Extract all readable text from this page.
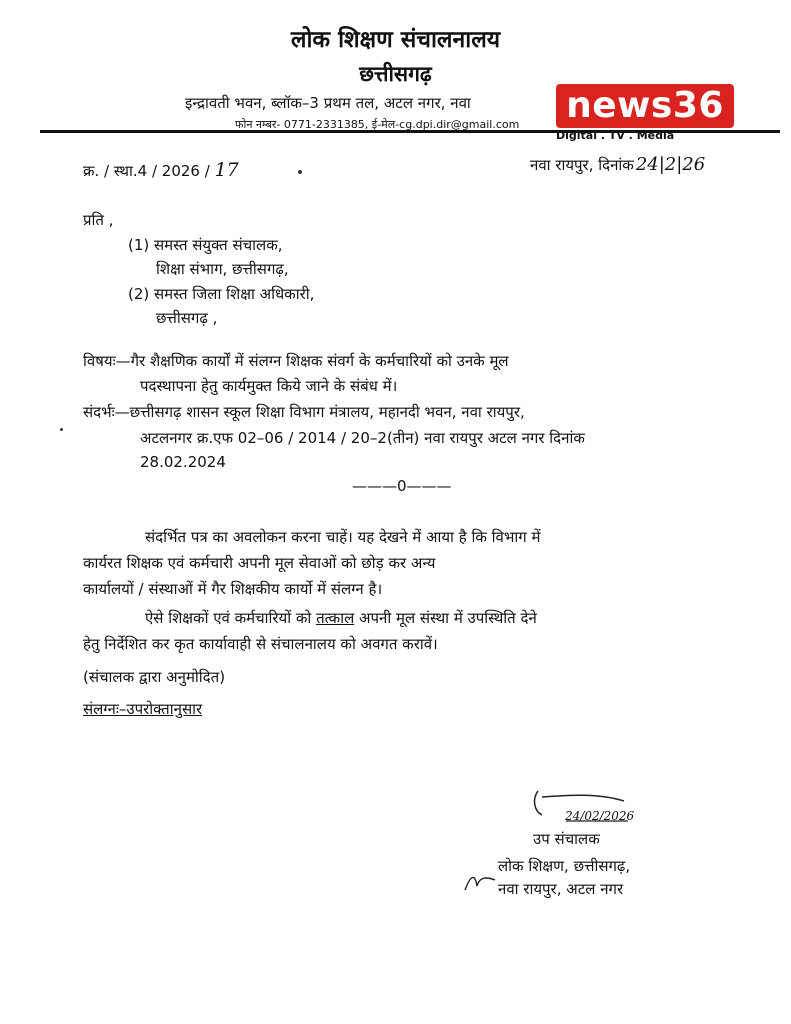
लोक शिक्षण संचालनालय
छत्तीसगढ़
इन्द्रावती भवन, ब्लॉक–3 प्रथम तल, अटल नगर, नवा
फोन नम्बर- 0771-2331385, ई-मेल-cg.dpi.dir@gmail.com news36
Digital . TV . Media
क्र. / स्था.4 / 2026 / 17	नवा रायपुर, दिनांक 24|2|26
प्रति ,
(1) समस्त संयुक्त संचालक,
शिक्षा संभाग, छत्तीसगढ़,
(2) समस्त जिला शिक्षा अधिकारी,
छत्तीसगढ़ ,
विषयः—गैर शैक्षणिक कार्यों में संलग्न शिक्षक संवर्ग के कर्मचारियों को उनके मूल
पदस्थापना हेतु कार्यमुक्त किये जाने के संबंध में।
संदर्भः—छत्तीसगढ़ शासन स्कूल शिक्षा विभाग मंत्रालय, महानदी भवन, नवा रायपुर,
अटलनगर क्र.एफ 02–06 / 2014 / 20–2(तीन) नवा रायपुर अटल नगर दिनांक
28.02.2024
———0———
संदर्भित पत्र का अवलोकन करना चाहें। यह देखने में आया है कि विभाग में
कार्यरत शिक्षक एवं कर्मचारी अपनी मूल सेवाओं को छोड़ कर अन्य
कार्यालयों / संस्थाओं में गैर शिक्षकीय कार्यो में संलग्न है।
ऐसे शिक्षकों एवं कर्मचारियों को तत्काल अपनी मूल संस्था में उपस्थिति देने
हेतु निर्देशित कर कृत कार्यावाही से संचालनालय को अवगत करावें।
(संचालक द्वारा अनुमोदित)
संलग्नः–उपरोक्तानुसार
24/02/2026
उप संचालक
लोक शिक्षण, छत्तीसगढ़,
नवा रायपुर, अटल नगर
